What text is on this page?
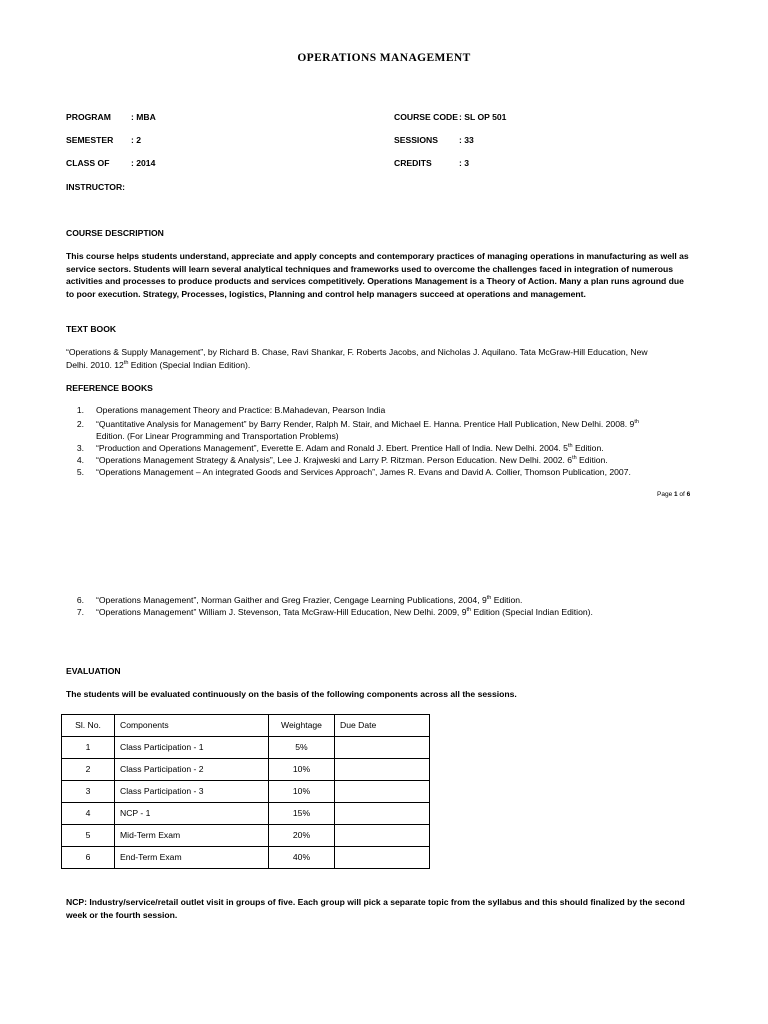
OPERATIONS MANAGEMENT
PROGRAM : MBA
SEMESTER : 2
CLASS OF	: 2014
INSTRUCTOR:
COURSE CODE : SL OP 501
SESSIONS : 33
CREDITS	: 3
COURSE DESCRIPTION
This course helps students understand, appreciate and apply concepts and contemporary practices of managing operations in manufacturing as well as
service sectors. Students will learn several analytical techniques and frameworks used to overcome the challenges faced in integration of numerous
activities and processes to produce products and services competitively. Operations Management is a Theory of Action. Many a plan runs aground due
to poor execution. Strategy, Processes, logistics, Planning and control help managers succeed at operations and management.
TEXT BOOK
“Operations & Supply Management”, by Richard B. Chase, Ravi Shankar, F. Roberts Jacobs, and Nicholas J. Aquilano. Tata McGraw-Hill Education, New
Delhi. 2010. 12th Edition (Special Indian Edition).
REFERENCE BOOKS
1. Operations management Theory and Practice: B.Mahadevan, Pearson India
2. “Quantitative Analysis for Management” by Barry Render, Ralph M. Stair, and Michael E. Hanna. Prentice Hall Publication, New Delhi. 2008. 9th
Edition. (For Linear Programming and Transportation Problems)
3. “Production and Operations Management”, Everette E. Adam and Ronald J. Ebert. Prentice Hall of India. New Delhi. 2004. 5th Edition.
4. “Operations Management Strategy & Analysis”, Lee J. Krajweski and Larry P. Ritzman. Person Education. New Delhi. 2002. 6th Edition.
5. “Operations Management – An integrated Goods and Services Approach”, James R. Evans and David A. Collier, Thomson Publication, 2007.
Page 1 of 6
6. “Operations Management”, Norman Gaither and Greg Frazier, Cengage Learning Publications, 2004, 9th Edition.
7. “Operations Management” William J. Stevenson, Tata McGraw-Hill Education, New Delhi. 2009, 9th Edition (Special Indian Edition).
EVALUATION
The students will be evaluated continuously on the basis of the following components across all the sessions.
Sl. No.	Components	Weightage	Due Date
1	Class Participation - 1	5%	
2	Class Participation - 2	10%	
3	Class Participation - 3	10%	
4	NCP - 1	15%	
5	Mid-Term Exam	20%	
6	End-Term Exam	40%	
NCP: Industry/service/retail outlet visit in groups of five. Each group will pick a separate topic from the syllabus and this should finalized by the second
week or the fourth session.
